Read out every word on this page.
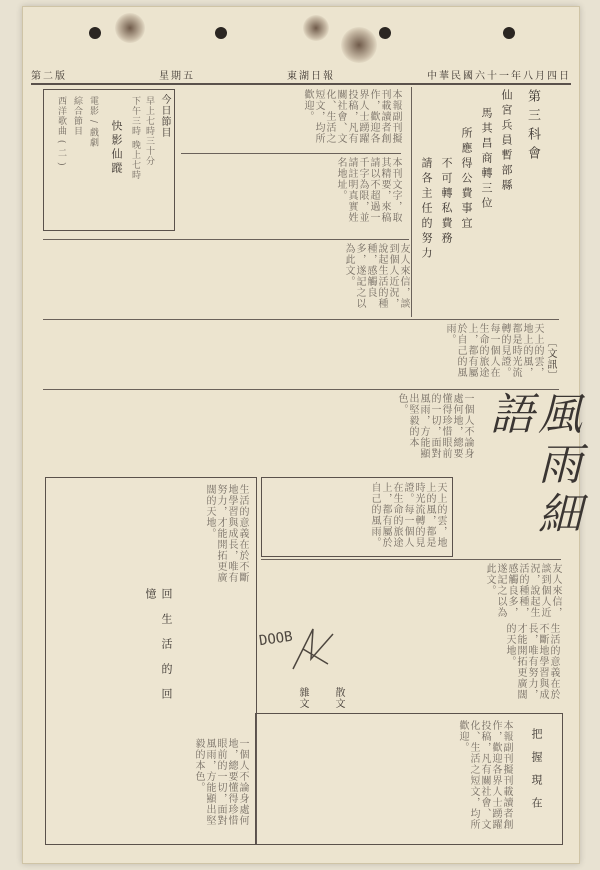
第二版	星期五	東湖日報	中華民國六十一年八月四日
今日節目
快影仙蹤 早上七時三十分
下午三時 晚上七時
電影 / 戲劇
綜合節目
西洋歌曲 ( 二 )	本報副刊擬刊載讀者創作，歡迎各界人士踴躍投稿，凡有關社會、文化、生活之短文，均所歡迎。
本刊文字，取其精要，來稿請以不超過一千字為限，並請註明真實姓名地址。
第三科會
仙宮兵員暫部縣
馬其昌商轉三位
所應得公費事宜
不可轉私費務
請各主任的努力
友人來信，談到個人近況，說起生活的種種，感觸良多，遂記之以為此文。
天上的雲，地上的風，都是時光流轉的見證。每一個人在生命的旅途上，都有屬於自己的風雨。
〔文訊〕
一個人不論身處何地，總要懂得珍惜眼前的一切，面對風雨，方能顯出堅毅的本色。	風雨細語
生活的意義在於不斷地學習與成長，唯有努力，才能開拓更廣闊的天地。
回生活的回憶
一個人不論身處何地，總要懂得珍惜眼前的一切，面對風雨，方能顯出堅毅的本色。
天上的雲，地上的風，都是時光流轉的見證。每一個人在生命的旅途上，都有屬於自己的風雨。
友人來信，談到個人近況，說起生活的種種，感觸良多，遂記之以為此文。
DOOB
雜文	散文	生活的意義在於不斷地學習與成長，唯有努力，才能開拓更廣闊的天地。
本報副刊擬刊載讀者創作，歡迎各界人士踴躍投稿，凡有關社會、文化、生活之短文，均所歡迎。	把握現在
